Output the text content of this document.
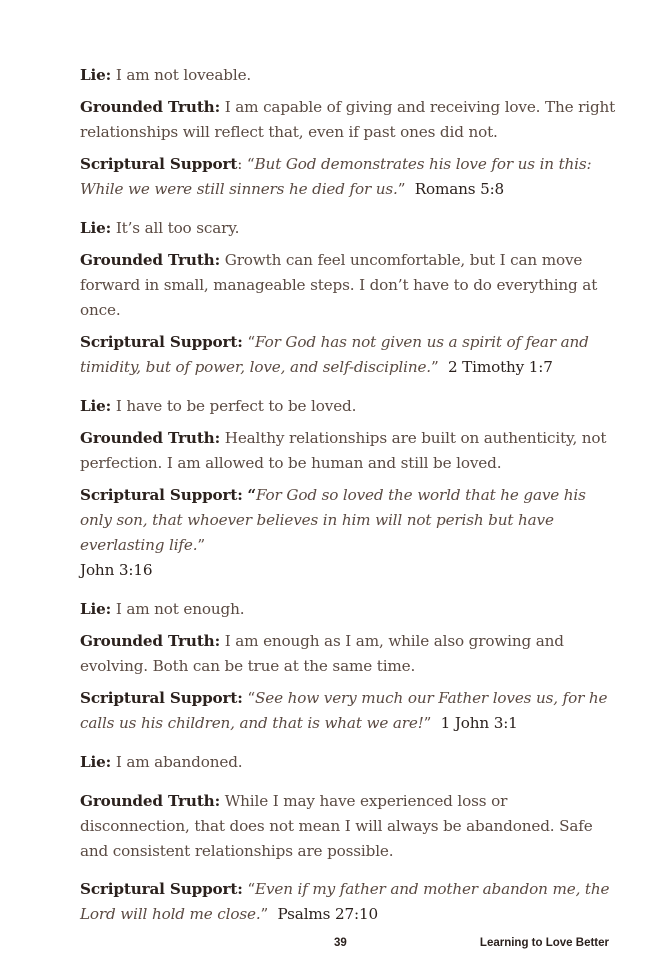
Lie: I am not loveable.

Grounded Truth: I am capable of giving and receiving love. The right relationships will reflect that, even if past ones did not.

Scriptural Support: “But God demonstrates his love for us in this: While we were still sinners he died for us.” Romans 5:8

Lie: It’s all too scary.

Grounded Truth: Growth can feel uncomfortable, but I can move forward in small, manageable steps. I don’t have to do everything at once.

Scriptural Support: “For God has not given us a spirit of fear and timidity, but of power, love, and self-discipline.” 2 Timothy 1:7

Lie: I have to be perfect to be loved.

Grounded Truth: Healthy relationships are built on authenticity, not perfection. I am allowed to be human and still be loved.

Scriptural Support: “For God so loved the world that he gave his only son, that whoever believes in him will not perish but have everlasting life.”
John 3:16

Lie: I am not enough.

Grounded Truth: I am enough as I am, while also growing and evolving. Both can be true at the same time.

Scriptural Support: “See how very much our Father loves us, for he calls us his children, and that is what we are!” 1 John 3:1

Lie: I am abandoned.

Grounded Truth: While I may have experienced loss or disconnection, that does not mean I will always be abandoned. Safe and consistent relationships are possible.

Scriptural Support: “Even if my father and mother abandon me, the Lord will hold me close.” Psalms 27:10

39	Learning to Love Better
